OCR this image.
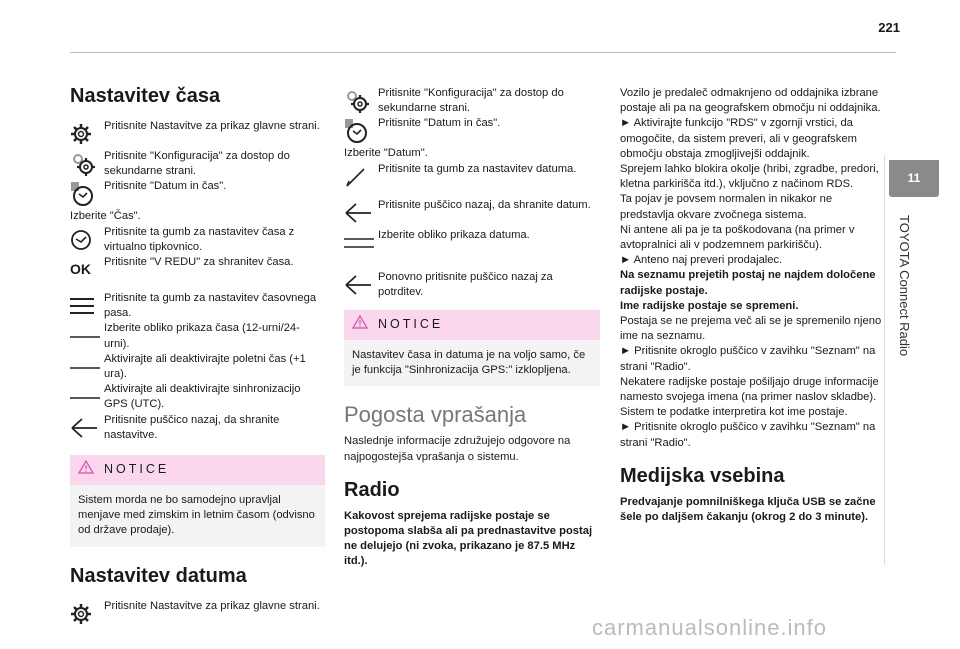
221
11
TOYOTA Connect Radio
Nastavitev časa
Pritisnite Nastavitve za prikaz glavne strani.
Pritisnite "Konfiguracija" za dostop do sekundarne strani.
Pritisnite "Datum in čas".

Izberite "Čas".

Pritisnite ta gumb za nastavitev časa z virtualno tipkovnico.
OK	Pritisnite "V REDU" za shranitev časa.
Pritisnite ta gumb za nastavitev časovnega pasa.
Izberite obliko prikaza časa (12-urni/24-urni).
Aktivirajte ali deaktivirajte poletni čas (+1 ura).
Aktivirajte ali deaktivirajte sinhronizacijo GPS (UTC).
Pritisnite puščico nazaj, da shranite nastavitve.
NOTICE
Sistem morda ne bo samodejno upravljal menjave med zimskim in letnim časom (odvisno od države prodaje).
Nastavitev datuma
Pritisnite Nastavitve za prikaz glavne strani.
Pritisnite "Konfiguracija" za dostop do sekundarne strani.
Pritisnite "Datum in čas".

Izberite "Datum".

Pritisnite ta gumb za nastavitev datuma.
Pritisnite puščico nazaj, da shranite datum.
Izberite obliko prikaza datuma.
Ponovno pritisnite puščico nazaj za potrditev.
NOTICE
Nastavitev časa in datuma je na voljo samo, če je funkcija "Sinhronizacija GPS:" izklopljena.
Pogosta vprašanja

Naslednje informacije združujejo odgovore na najpogostejša vprašanja o sistemu.

Radio

Kakovost sprejema radijske postaje se postopoma slabša ali pa prednastavitve postaj ne delujejo (ni zvoka, prikazano je 87.5 MHz itd.).

Vozilo je predaleč odmaknjeno od oddajnika izbrane postaje ali pa na geografskem območju ni oddajnika.

► Aktivirajte funkcijo "RDS" v zgornji vrstici, da omogočite, da sistem preveri, ali v geografskem območju obstaja zmogljivejši oddajnik.

Sprejem lahko blokira okolje (hribi, zgradbe, predori, kletna parkirišča itd.), vključno z načinom RDS.

Ta pojav je povsem normalen in nikakor ne predstavlja okvare zvočnega sistema.

Ni antene ali pa je ta poškodovana (na primer v avtopralnici ali v podzemnem parkirišču).

► Anteno naj preveri prodajalec.

Na seznamu prejetih postaj ne najdem določene radijske postaje.

Ime radijske postaje se spremeni.

Postaja se ne prejema več ali se je spremenilo njeno ime na seznamu.

► Pritisnite okroglo puščico v zavihku "Seznam" na strani "Radio".

Nekatere radijske postaje pošiljajo druge informacije namesto svojega imena (na primer naslov skladbe).

Sistem te podatke interpretira kot ime postaje.

► Pritisnite okroglo puščico v zavihku "Seznam" na strani "Radio".

Medijska vsebina

Predvajanje pomnilniškega ključa USB se začne šele po daljšem čakanju (okrog 2 do 3 minute).

carmanualsonline.info
